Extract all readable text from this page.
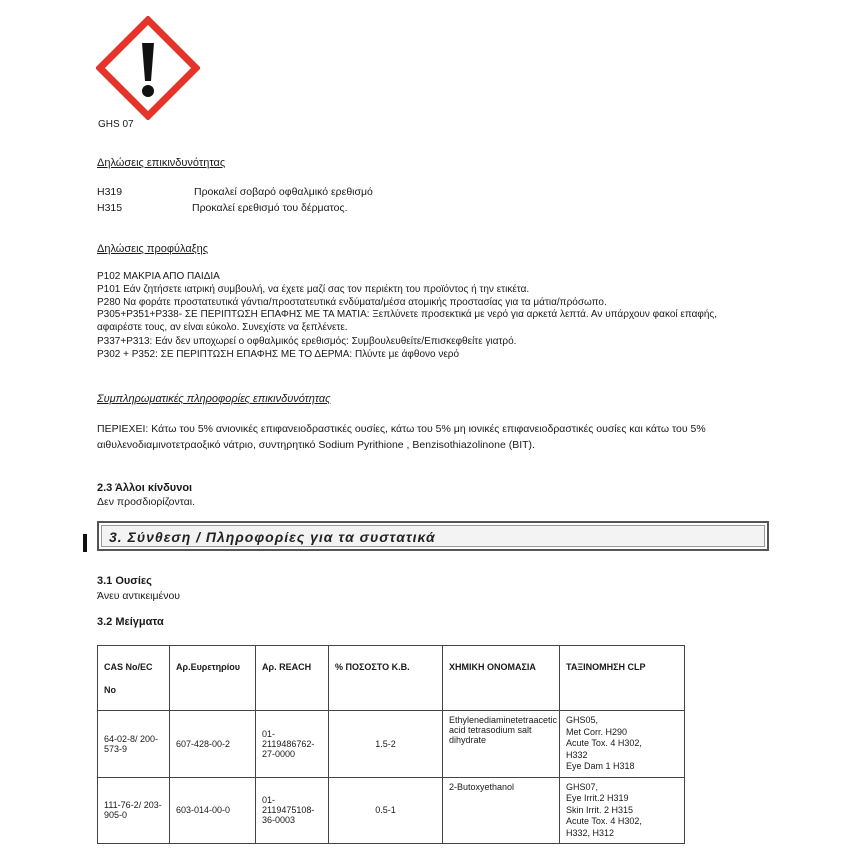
GHS 07
Δηλώσεις επικινδυνότητας
H319	Προκαλεί σοβαρό οφθαλμικό ερεθισμό
H315	Προκαλεί ερεθισμό του δέρματος.
Δηλώσεις προφύλαξης
P102 ΜΑΚΡΙΑ ΑΠΟ ΠΑΙΔΙΑ
P101 Εάν ζητήσετε ιατρική συμβουλή, να έχετε μαζί σας τον περιέκτη του προϊόντος ή την ετικέτα.
P280 Να φοράτε προστατευτικά γάντια/προστατευτικά ενδύματα/μέσα ατομικής προστασίας για τα μάτια/πρόσωπο.
P305+P351+P338- ΣΕ ΠΕΡΙΠΤΩΣΗ ΕΠΑΦΗΣ ΜΕ ΤΑ ΜΑΤΙΑ: Ξεπλύνετε προσεκτικά με νερό για αρκετά λεπτά. Αν υπάρχουν φακοί επαφής, αφαιρέστε τους, αν είναι εύκολο. Συνεχίστε να ξεπλένετε.
P337+P313: Εάν δεν υποχωρεί ο οφθαλμικός ερεθισμός: Συμβουλευθείτε/Επισκεφθείτε γιατρό.
P302 + P352: ΣΕ ΠΕΡΙΠΤΩΣΗ ΕΠΑΦΗΣ ΜΕ ΤΟ ΔΕΡΜΑ: Πλύντε με άφθονο νερό
Συμπληρωματικές πληροφορίες επικινδυνότητας
ΠΕΡΙΕΧΕΙ: Κάτω του 5% ανιονικές επιφανειοδραστικές ουσίες, κάτω του 5% μη ιονικές επιφανειοδραστικές ουσίες και κάτω του 5% αιθυλενοδιαμινοτετραοξικό νάτριο, συντηρητικό Sodium Pyrithione , Benzisothiazolinone (BIT).
2.3 Άλλοι κίνδυνοι
Δεν προσδιορίζονται.
3. Σύνθεση / Πληροφορίες για τα συστατικά
3.1 Ουσίες
Άνευ αντικειμένου
3.2 Μείγματα
CAS No/EC No	Αρ.Ευρετηρίου	Αρ. REACH	% ΠΟΣΟΣΤΟ Κ.Β.	ΧΗΜΙΚΗ ΟΝΟΜΑΣΙΑ	ΤΑΞΙΝΟΜΗΣΗ CLP
64-02-8/ 200-573-9	607-428-00-2	01-2119486762-27-0000	1.5-2	Ethylenediaminetetraacetic acid tetrasodium salt dihydrate	GHS05,
Met Corr. H290
Acute Tox. 4 H302,
H332
Eye Dam 1 H318

111-76-2/ 203-905-0	603-014-00-0	01-2119475108-36-0003	0.5-1	2-Butoxyethanol	GHS07,
Eye Irrit.2 H319
Skin Irrit. 2 H315
Acute Tox. 4 H302,
H332, H312
